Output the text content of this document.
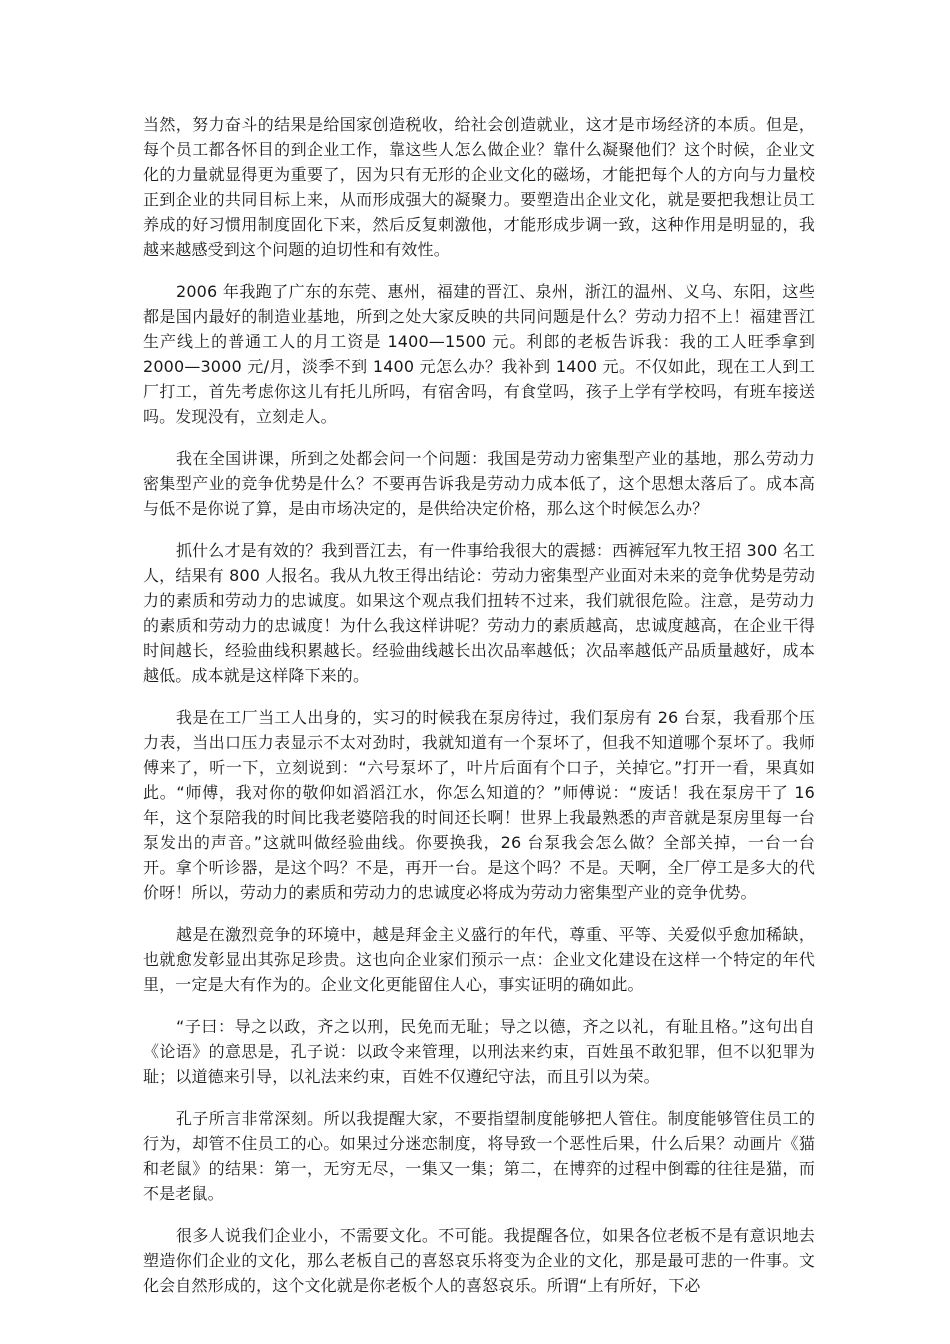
当然，努力奋斗的结果是给国家创造税收，给社会创造就业，这才是市场经济的本质。但是，每个员工都各怀目的到企业工作，靠这些人怎么做企业？靠什么凝聚他们？这个时候，企业文化的力量就显得更为重要了，因为只有无形的企业文化的磁场，才能把每个人的方向与力量校正到企业的共同目标上来，从而形成强大的凝聚力。要塑造出企业文化，就是要把我想让员工养成的好习惯用制度固化下来，然后反复刺激他，才能形成步调一致，这种作用是明显的，我越来越感受到这个问题的迫切性和有效性。

2006 年我跑了广东的东莞、惠州，福建的晋江、泉州，浙江的温州、义乌、东阳，这些都是国内最好的制造业基地，所到之处大家反映的共同问题是什么？劳动力招不上！福建晋江生产线上的普通工人的月工资是 1400—1500 元。利郎的老板告诉我：我的工人旺季拿到 2000—3000 元/月，淡季不到 1400 元怎么办？我补到 1400 元。不仅如此，现在工人到工厂打工，首先考虑你这儿有托儿所吗，有宿舍吗，有食堂吗，孩子上学有学校吗，有班车接送吗。发现没有，立刻走人。

我在全国讲课，所到之处都会问一个问题：我国是劳动力密集型产业的基地，那么劳动力密集型产业的竞争优势是什么？不要再告诉我是劳动力成本低了，这个思想太落后了。成本高与低不是你说了算，是由市场决定的，是供给决定价格，那么这个时候怎么办？

抓什么才是有效的？我到晋江去，有一件事给我很大的震撼：西裤冠军九牧王招 300 名工人，结果有 800 人报名。我从九牧王得出结论：劳动力密集型产业面对未来的竞争优势是劳动力的素质和劳动力的忠诚度。如果这个观点我们扭转不过来，我们就很危险。注意，是劳动力的素质和劳动力的忠诚度！为什么我这样讲呢？劳动力的素质越高，忠诚度越高，在企业干得时间越长，经验曲线积累越长。经验曲线越长出次品率越低；次品率越低产品质量越好，成本越低。成本就是这样降下来的。

我是在工厂当工人出身的，实习的时候我在泵房待过，我们泵房有 26 台泵，我看那个压力表，当出口压力表显示不太对劲时，我就知道有一个泵坏了，但我不知道哪个泵坏了。我师傅来了，听一下，立刻说到：“六号泵坏了，叶片后面有个口子，关掉它。”打开一看，果真如此。“师傅，我对你的敬仰如滔滔江水，你怎么知道的？”师傅说：“废话！我在泵房干了 16 年，这个泵陪我的时间比我老婆陪我的时间还长啊！世界上我最熟悉的声音就是泵房里每一台泵发出的声音。”这就叫做经验曲线。你要换我，26 台泵我会怎么做？全部关掉，一台一台开。拿个听诊器，是这个吗？不是，再开一台。是这个吗？不是。天啊，全厂停工是多大的代价呀！所以，劳动力的素质和劳动力的忠诚度必将成为劳动力密集型产业的竞争优势。

越是在激烈竞争的环境中，越是拜金主义盛行的年代，尊重、平等、关爱似乎愈加稀缺，也就愈发彰显出其弥足珍贵。这也向企业家们预示一点：企业文化建设在这样一个特定的年代里，一定是大有作为的。企业文化更能留住人心，事实证明的确如此。

“子曰：导之以政，齐之以刑，民免而无耻；导之以德，齐之以礼，有耻且格。”这句出自《论语》的意思是，孔子说：以政令来管理，以刑法来约束，百姓虽不敢犯罪，但不以犯罪为耻；以道德来引导，以礼法来约束，百姓不仅遵纪守法，而且引以为荣。

孔子所言非常深刻。所以我提醒大家，不要指望制度能够把人管住。制度能够管住员工的行为，却管不住员工的心。如果过分迷恋制度，将导致一个恶性后果，什么后果？动画片《猫和老鼠》的结果：第一，无穷无尽，一集又一集；第二，在博弈的过程中倒霉的往往是猫，而不是老鼠。

很多人说我们企业小，不需要文化。不可能。我提醒各位，如果各位老板不是有意识地去塑造你们企业的文化，那么老板自己的喜怒哀乐将变为企业的文化，那是最可悲的一件事。文化会自然形成的，这个文化就是你老板个人的喜怒哀乐。所谓“上有所好，下必
